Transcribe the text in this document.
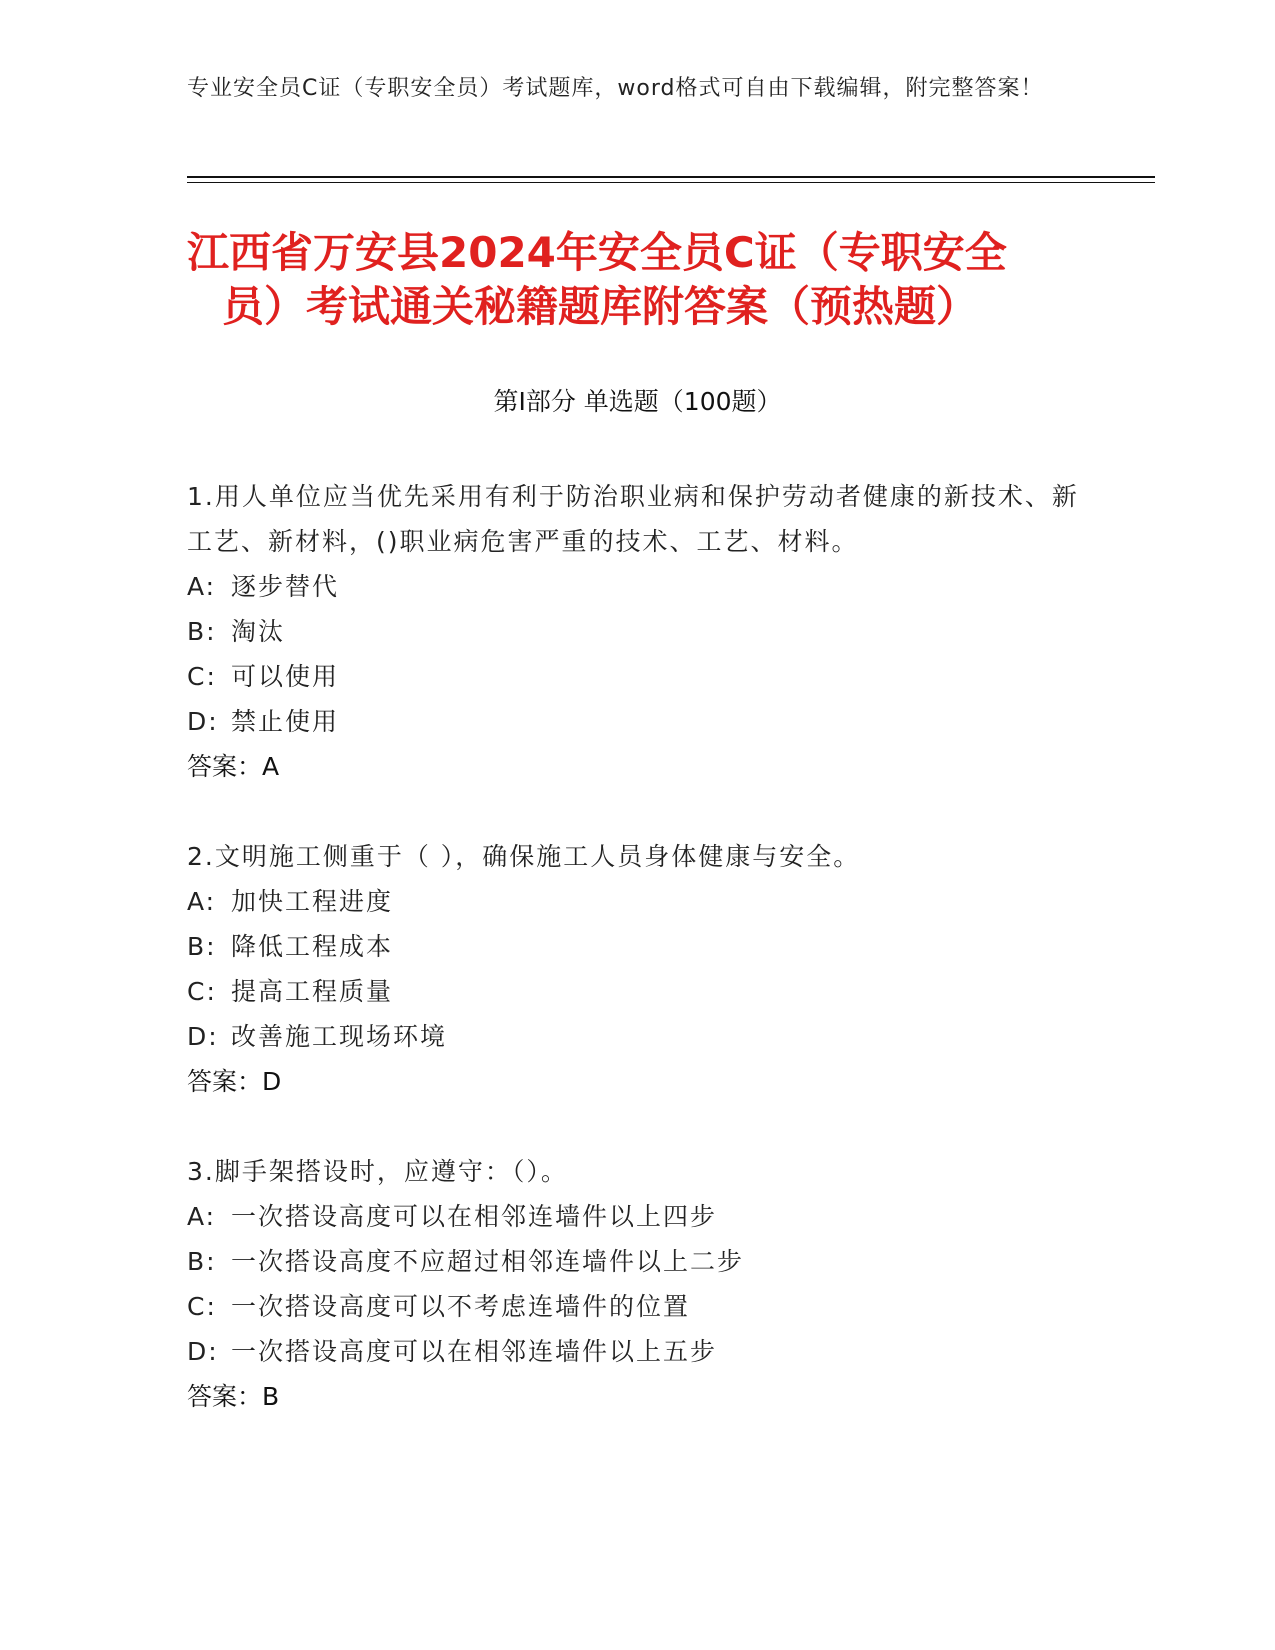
专业安全员C证（专职安全员）考试题库，word格式可自由下载编辑，附完整答案！
江西省万安县2024年安全员C证（专职安全
员）考试通关秘籍题库附答案（预热题）
第I部分 单选题（100题）
1.用人单位应当优先采用有利于防治职业病和保护劳动者健康的新技术、新工艺、新材料，()职业病危害严重的技术、工艺、材料。
A: 逐步替代
B: 淘汰
C: 可以使用
D: 禁止使用
答案：A
2.文明施工侧重于（ ），确保施工人员身体健康与安全。
A: 加快工程进度
B: 降低工程成本
C: 提高工程质量
D: 改善施工现场环境
答案：D
3.脚手架搭设时，应遵守：（）。
A: 一次搭设高度可以在相邻连墙件以上四步
B: 一次搭设高度不应超过相邻连墙件以上二步
C: 一次搭设高度可以不考虑连墙件的位置
D: 一次搭设高度可以在相邻连墙件以上五步
答案：B
